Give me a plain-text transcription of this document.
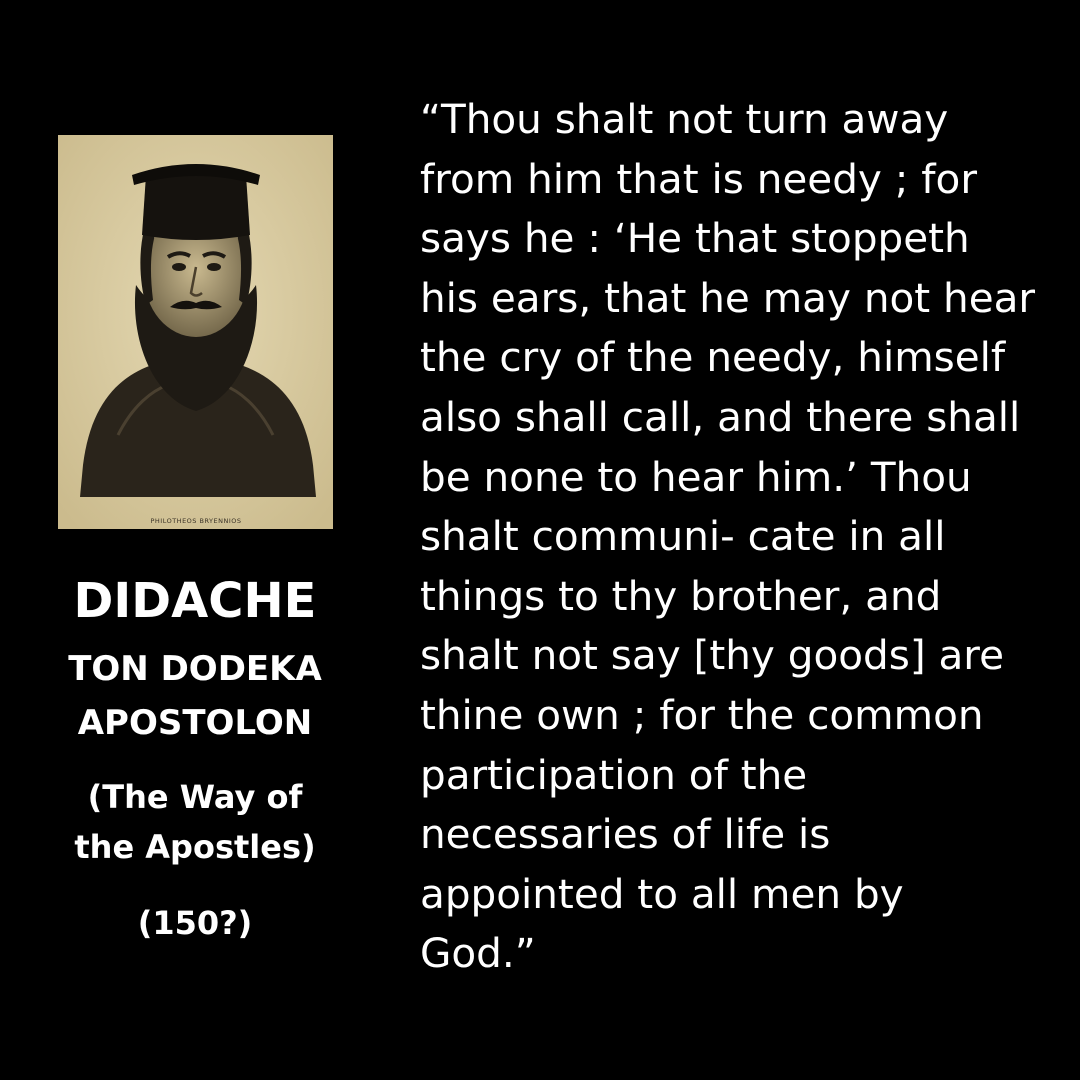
PHILOTHEOS BRYENNIOS
DIDACHE
TON DODEKA
APOSTOLON
(The Way of
the Apostles)
(150?)
“Thou shalt not turn away
from him that is needy ; for
says he : ‘He that stoppeth
his ears, that he may not hear
the cry of the needy, himself
also shall call, and there shall
be none to hear him.’ Thou
shalt communi- cate in all
things to thy brother, and
shalt not say [thy goods] are
thine own ; for the common
participation of the
necessaries of life is
appointed to all men by
God.”
